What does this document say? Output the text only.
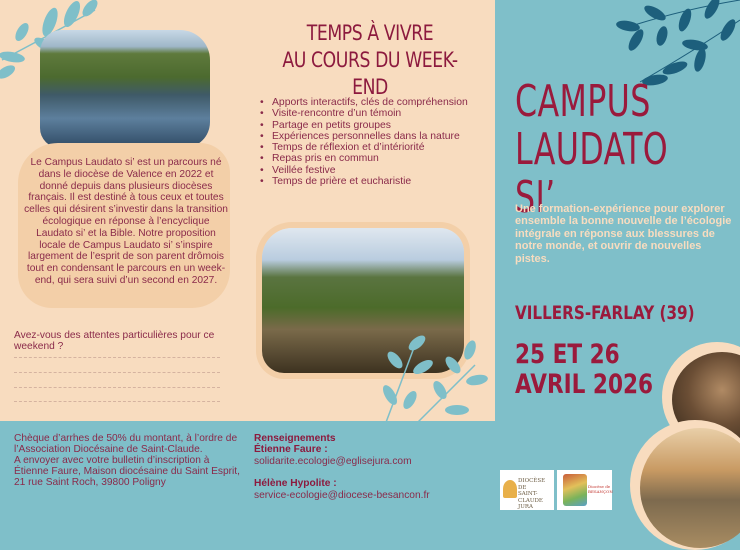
Le Campus Laudato si’ est un parcours né dans le diocèse de Valence en 2022 et donné depuis dans plusieurs diocèses français. Il est destiné à tous ceux et toutes celles qui désirent s’investir dans la transition écologique en réponse à l’encyclique Laudato si’ et la Bible. Notre proposition locale de Campus Laudato si’ s’inspire largement de l’esprit de son parent drômois tout en condensant le parcours en un week-end, qui sera suivi d’un second en 2027.
Avez-vous des attentes particulières pour ce weekend ?
TEMPS À VIVRE
AU COURS DU WEEK-END
• Apports interactifs, clés de compréhension
• Visite-rencontre d’un témoin
• Partage en petits groupes
• Expériences personnelles dans la nature
• Temps de réflexion et d’intériorité
• Repas pris en commun
• Veillée festive
• Temps de prière et eucharistie
CAMPUS
LAUDATO SI’
Une formation-expérience pour explorer ensemble la bonne nouvelle de l’écologie intégrale en réponse aux blessures de notre monde, et ouvrir de nouvelles pistes.
VILLERS-FARLAY (39)
25 ET 26
AVRIL 2026
DIOCÈSE DE
SAINT-CLAUDE
JURA
Diocèse de
BESANÇON
Chèque d’arrhes de 50% du montant, à l’ordre de l’Association Diocésaine de Saint-Claude.
A envoyer avec votre bulletin d’inscription à Étienne Faure, Maison diocésaine du Saint Esprit, 21 rue Saint Roch, 39800 Poligny
Renseignements
Étienne Faure :
solidarite.ecologie@eglisejura.com
Hélène Hypolite :
service-ecologie@diocese-besancon.fr
